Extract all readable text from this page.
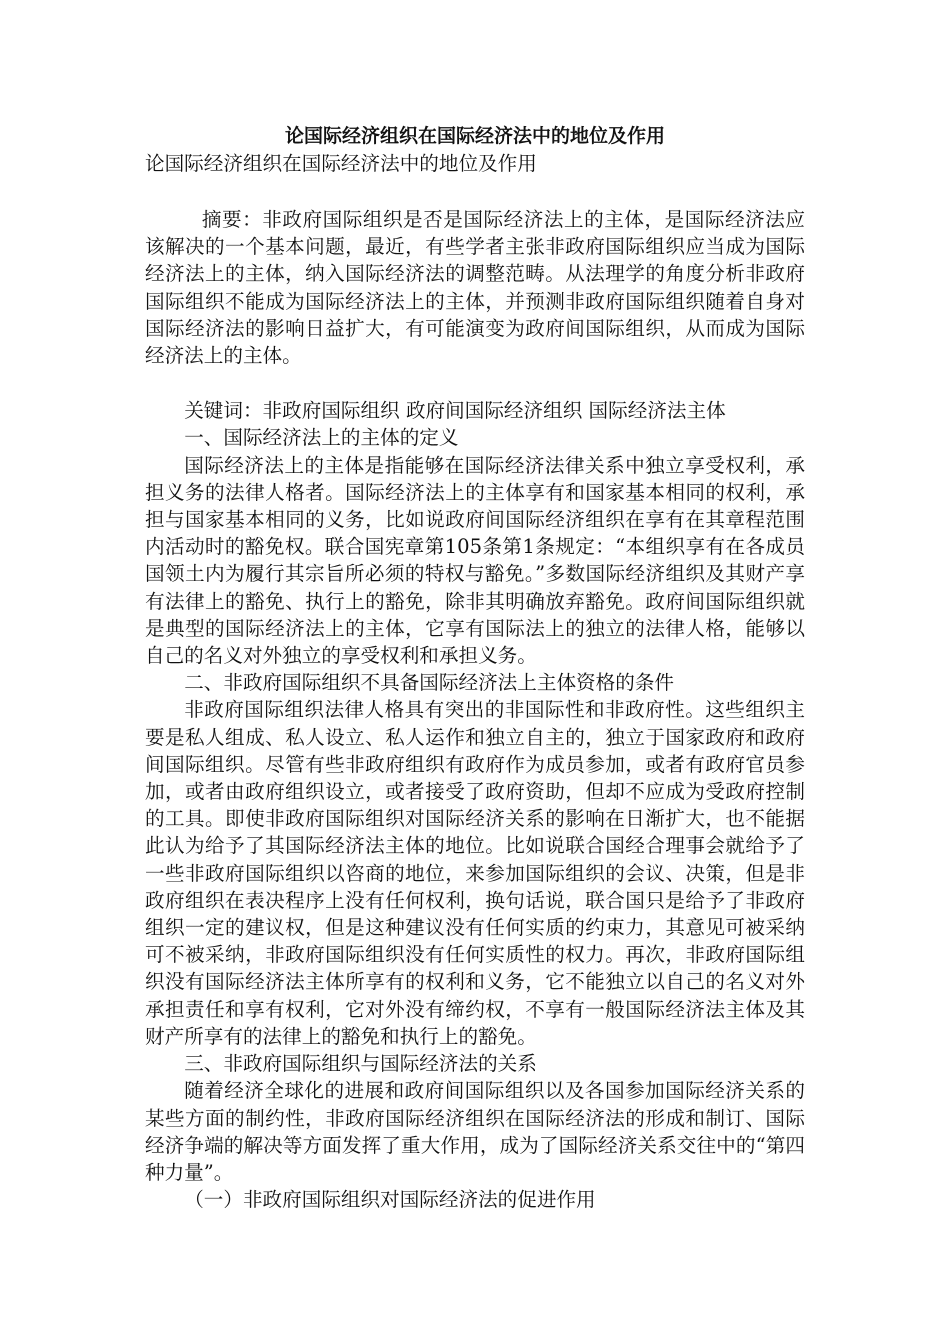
论国际经济组织在国际经济法中的地位及作用

论国际经济组织在国际经济法中的地位及作用

摘要：非政府国际组织是否是国际经济法上的主体，是国际经济法应该解决的一个基本问题，最近，有些学者主张非政府国际组织应当成为国际经济法上的主体，纳入国际经济法的调整范畴。从法理学的角度分析非政府国际组织不能成为国际经济法上的主体，并预测非政府国际组织随着自身对国际经济法的影响日益扩大，有可能演变为政府间国际组织，从而成为国际经济法上的主体。

关键词：非政府国际组织 政府间国际经济组织 国际经济法主体

一、国际经济法上的主体的定义

国际经济法上的主体是指能够在国际经济法律关系中独立享受权利，承担义务的法律人格者。国际经济法上的主体享有和国家基本相同的权利，承担与国家基本相同的义务，比如说政府间国际经济组织在享有在其章程范围内活动时的豁免权。联合国宪章第105条第1条规定：“本组织享有在各成员国领土内为履行其宗旨所必须的特权与豁免。”多数国际经济组织及其财产享有法律上的豁免、执行上的豁免，除非其明确放弃豁免。政府间国际组织就是典型的国际经济法上的主体，它享有国际法上的独立的法律人格，能够以自己的名义对外独立的享受权利和承担义务。

二、非政府国际组织不具备国际经济法上主体资格的条件

非政府国际组织法律人格具有突出的非国际性和非政府性。这些组织主要是私人组成、私人设立、私人运作和独立自主的，独立于国家政府和政府间国际组织。尽管有些非政府组织有政府作为成员参加，或者有政府官员参加，或者由政府组织设立，或者接受了政府资助，但却不应成为受政府控制的工具。即使非政府国际组织对国际经济关系的影响在日渐扩大，也不能据此认为给予了其国际经济法主体的地位。比如说联合国经合理事会就给予了一些非政府国际组织以咨商的地位，来参加国际组织的会议、决策，但是非政府组织在表决程序上没有任何权利，换句话说，联合国只是给予了非政府组织一定的建议权，但是这种建议没有任何实质的约束力，其意见可被采纳可不被采纳，非政府国际组织没有任何实质性的权力。再次，非政府国际组织没有国际经济法主体所享有的权利和义务，它不能独立以自己的名义对外承担责任和享有权利，它对外没有缔约权，不享有一般国际经济法主体及其财产所享有的法律上的豁免和执行上的豁免。

三、非政府国际组织与国际经济法的关系

随着经济全球化的进展和政府间国际组织以及各国参加国际经济关系的某些方面的制约性，非政府国际经济组织在国际经济法的形成和制订、国际经济争端的解决等方面发挥了重大作用，成为了国际经济关系交往中的“第四种力量”。

（一）非政府国际组织对国际经济法的促进作用
